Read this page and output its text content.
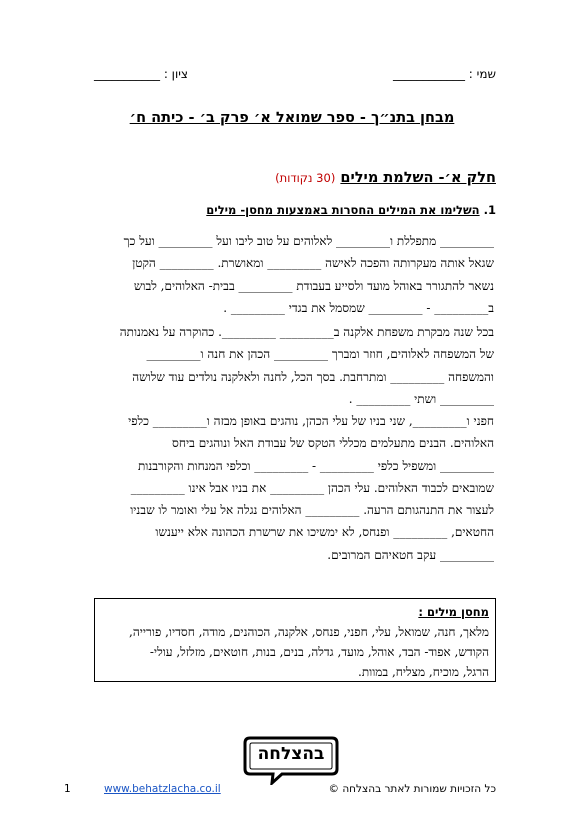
שמי : ____________
ציון : ___________
מבחן בתנ״ך - ספר שמואל א׳ פרק ב׳ - כיתה ח׳
חלק א׳- השלמת מילים (30 נקודות)
1. השלימו את המילים החסרות באמצעות מחסן- מילים
_________ מתפללת ו_________ לאלוהים על טוב ליבו ועל _________ ועל כך
שגאל אותה מעקרותה והפכה לאישה _________ ומאושרת. _________ הקטן
נשאר להתגורר באוהל מועד ולסייע בעבודת _________ בבית- האלוהים, לבוש
ב_________ - _________ שמסמל את בגדי _________ .
בכל שנה מבקרת משפחת אלקנה ב_________ _________. כהוקרה על נאמנותה
של המשפחה לאלוהים, חוזר ומברך _________ הכהן את חנה ו_________
והמשפחה _________ ומתרחבת. בסך הכל, לחנה ולאלקנה נולדים עוד שלושה
_________ ושתי _________ .
חפני ו_________, שני בניו של עלי הכהן, נוהגים באופן מבזה ו_________ כלפי
האלוהים. הבנים מתעלמים מכללי הטקס של עבודת האל ונוהגים ביחס
_________ ומשפיל כלפי _________ - _________ וכלפי המנחות והקורבנות
שמובאים לכבוד האלוהים. עלי הכהן _________ את בניו אבל אינו _________
לעצור את התנהגותם הרעה. _________ האלוהים נגלה אל עלי ואומר לו שבניו
החטאים, _________ ופנחס, לא ימשיכו את שרשרת הכהונה אלא ייענשו
_________ עקב חטאיהם המרובים.
מחסן מילים :
מלאך, חנה, שמואל, עלי, חפני, פנחס, אלקנה, הכוהנים, מודה, חסדיו, פורייה,
הקודש, אפוד- הבד, אוהל, מועד, גדלה, בנים, בנות, חוטאים, מזלזל, עולי-
הרגל, מוכיח, מצליח, במוות.
בהצלחה
כל הזכויות שמורות לאתר בהצלחה ©
www.behatzlacha.co.il
1
